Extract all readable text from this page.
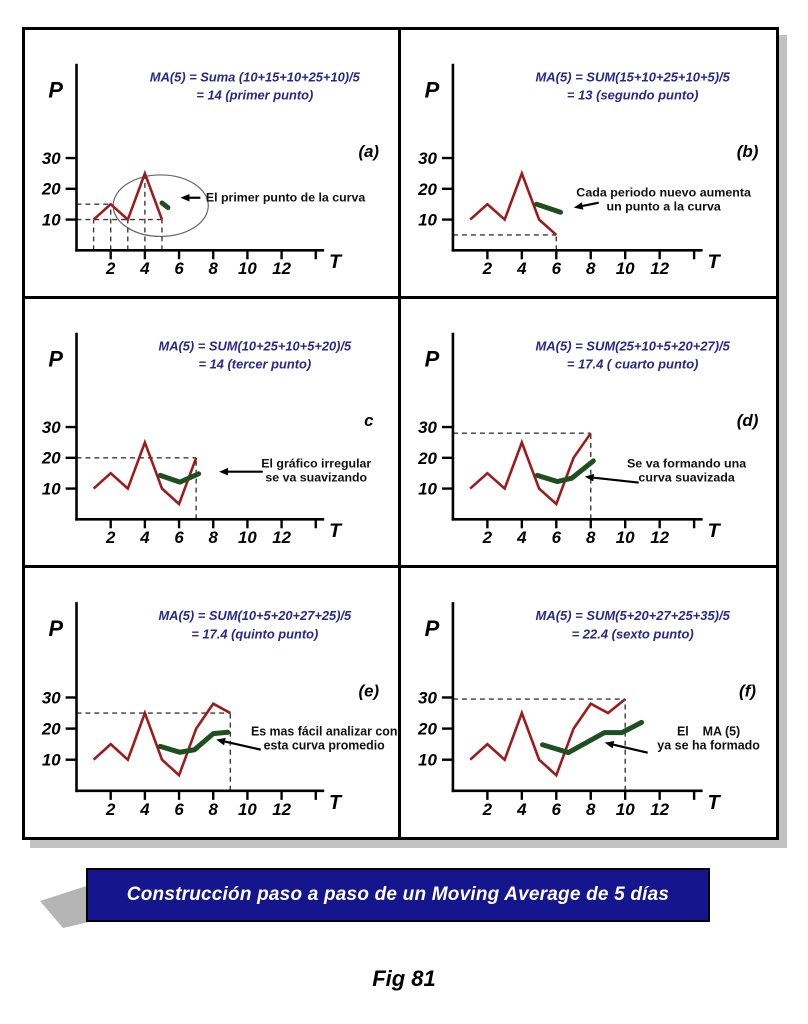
MA(5) = Suma (10+15+10+25+10)/5
= 14 (primer punto)
(a)
10
20
30
2 4 6 8 10 12
P
T
El primer punto de la curva
MA(5) = SUM(15+10+25+10+5)/5
= 13 (segundo punto)
(b)
10
20
30
2 4 6 8 10 12
P
T
Cada periodo nuevo aumenta
un punto a la curva
MA(5) = SUM(10+25+10+5+20)/5
= 14 (tercer punto)
c
10
20
30
2 4 6 8 10 12
P
T
El gráfico irregular
se va suavizando
MA(5) = SUM(25+10+5+20+27)/5
= 17.4 ( cuarto punto)
(d)
10
20
30
2 4 6 8 10 12
P
T
Se va formando una
curva suavizada
MA(5) = SUM(10+5+20+27+25)/5
= 17.4 (quinto punto)
(e)
10
20
30
2 4 6 8 10 12
P
T
Es mas fácil analizar con
esta curva promedio
MA(5) = SUM(5+20+27+25+35)/5
= 22.4 (sexto punto)
(f)
10
20
30
2 4 6 8 10 12
P
T
El    MA (5)
ya se ha formado
Construcción paso a paso de un Moving Average de 5 días
Fig 81
